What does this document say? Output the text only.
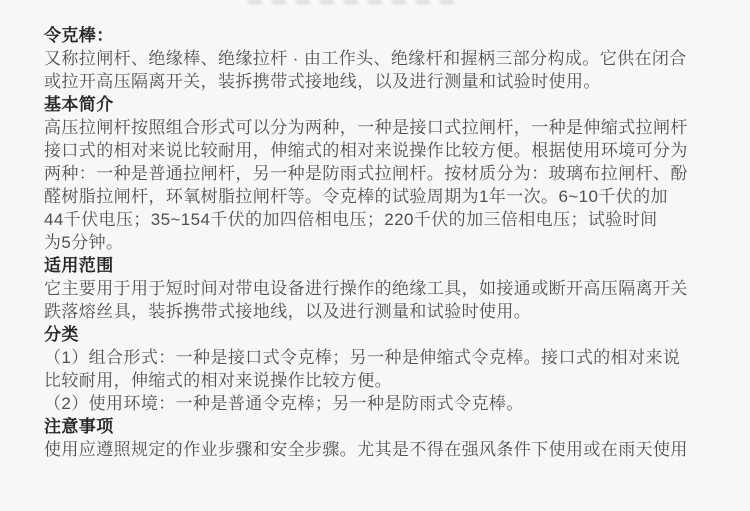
令克棒：
又称拉闸杆、绝缘棒、绝缘拉杆 · 由工作头、绝缘杆和握柄三部分构成。它供在闭合
或拉开高压隔离开关，装拆携带式接地线，以及进行测量和试验时使用。
基本简介
高压拉闸杆按照组合形式可以分为两种，一种是接口式拉闸杆，一种是伸缩式拉闸杆
接口式的相对来说比较耐用，伸缩式的相对来说操作比较方便。根据使用环境可分为
两种：一种是普通拉闸杆，另一种是防雨式拉闸杆。按材质分为：玻璃布拉闸杆、酚
醛树脂拉闸杆，环氧树脂拉闸杆等。令克棒的试验周期为1年一次。6~10千伏的加
44千伏电压；35~154千伏的加四倍相电压；220千伏的加三倍相电压；试验时间
为5分钟。
适用范围
它主要用于用于短时间对带电设备进行操作的绝缘工具，如接通或断开高压隔离开关
跌落熔丝具，装拆携带式接地线，以及进行测量和试验时使用。
分类
（1）组合形式：一种是接口式令克棒；另一种是伸缩式令克棒。接口式的相对来说
比较耐用，伸缩式的相对来说操作比较方便。
（2）使用环境：一种是普通令克棒；另一种是防雨式令克棒。
注意事项
使用应遵照规定的作业步骤和安全步骤。尤其是不得在强风条件下使用或在雨天使用
